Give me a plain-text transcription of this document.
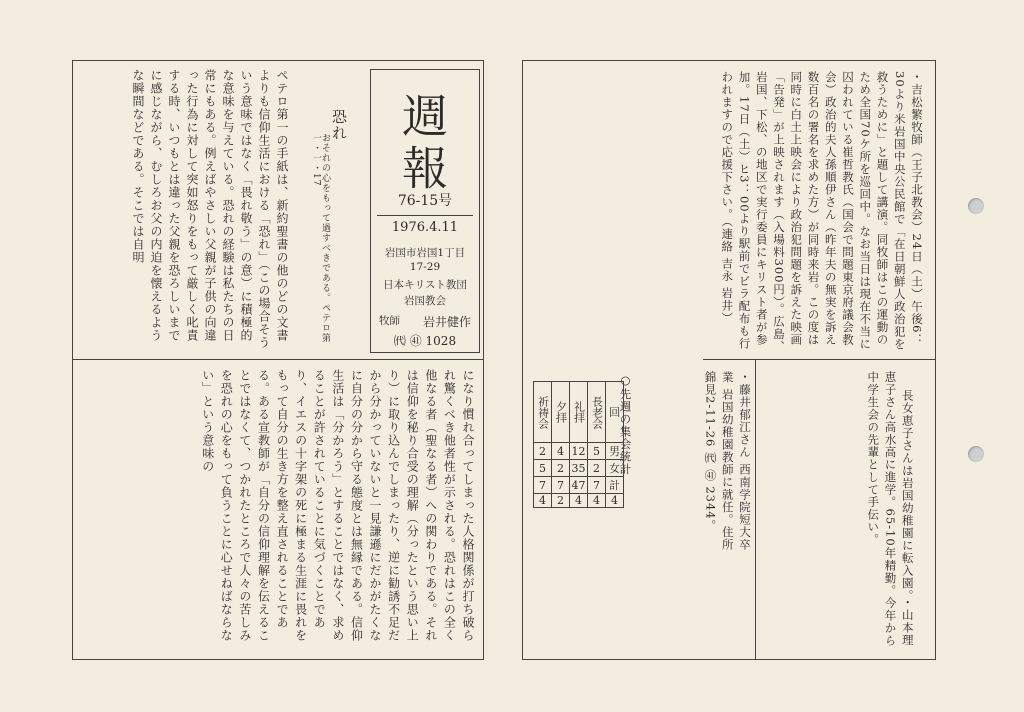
週報
76-15号
1976.4.11
岩国市岩国1丁目
17-29
日本キリスト教団
岩国教会
牧師	岩井健作
㈹ ㊶ 1028
恐れ
おそれの心をもって過すべきである。ペテロ第一・一・17
ペテロ第一の手紙は、新約聖書の他のどの文書よりも信仰生活における「恐れ」（この場合そういう意味ではなく「畏れ敬う」の意）に積極的な意味を与えている。恐れの経験は私たちの日常にもある。例えばやさしい父親が子供の向違った行為に対して突如怒りをもって厳しく叱責する時、いつもとは違った父親を恐ろしいまでに感じながら、むしろお父の内迫を懐えるような瞬間などである。そこでは自明
になり慣れ合ってしまった人格関係が打ち破られ驚くべき他者性が示される。恐れはこの全く他なる者（聖なる者）への関わりである。それは信仰を秘り合受の理解（分ったという思い上り）に取り込んでしまったり、逆に勧誘不足だから分かっていないと一見謙遜にだかがたくなに自分の分から守る態度とは無縁である。信仰生活は「分かろう」とすることではなく、求めることが許されていることに気づくことであり、イエスの十字架の死に極まる生涯に畏れをもって自分の生き方を整え直されることである。ある宣教師が「自分の信仰理解を伝えることではなくて、つかれたところで人々の苦しみを恐れの心をもって負うことに心せねばならない」という意味の
・吉松繁牧師（王子北教会）24日（土）午後6：30より米岩国中央公民館で「在日朝鮮人政治犯を救うために」と題して講演。同牧師はこの運動のため全国70ケ所を巡回中。なお当日は現在不当に囚われている崔哲教氏（国会で問題東京府議会教会）政治的夫人孫順伊さん（昨年夫の無実を訴え数百名の署名を求めた方）が同時来岩。この度は同時に白土上映会により政治犯問題を訴えた映画「告発」が上映されます（入場料300円）。広島、岩国、下松、の地区で実行委員にキリスト者が参加。17日（土）ヒ3：00より駅前でビラ配布も行われますので応援下さい。（連絡 吉永 岩井）

長女恵子さんは岩国幼稚園に転入園。・山本理恵子さん高水高に進学。65-10年精勤。今年から中学生会の先輩として手伝い。

・藤井郁江さん 西南学院短大卒業 岩国幼稚園教師に就任。住所錦見2-11-26 ㈹ ㊶ 2344。
○先週の集会統計
祈祷会	夕拝	礼拝	長老会	回
2	4	12	5	男
5	2	35	2	女
7	7	47	7	計
4	2	4	4	4
